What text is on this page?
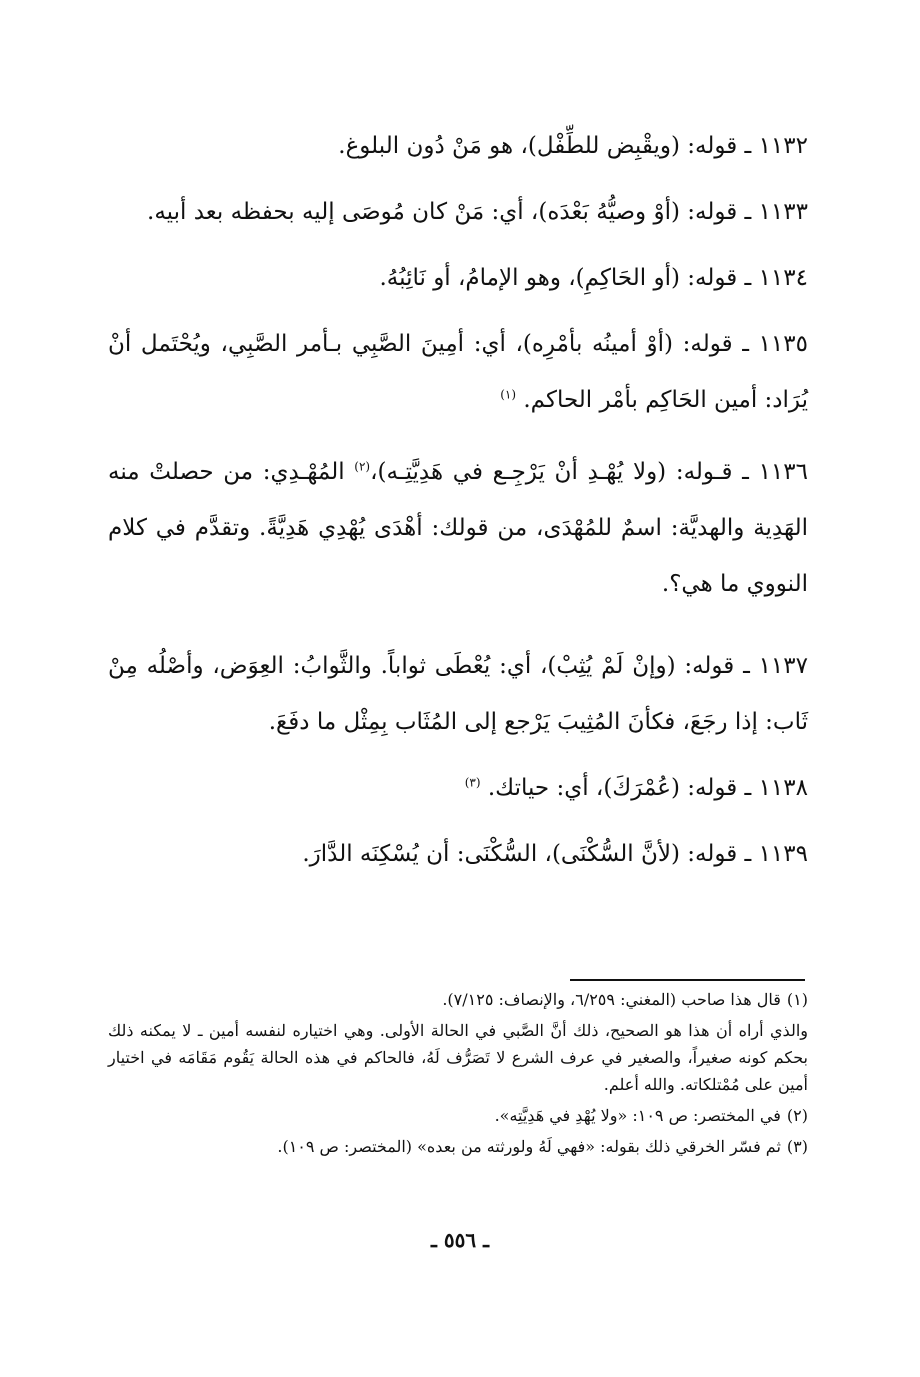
١١٣٢ ـ قوله: (ويقْبِض للطِّفْل)، هو مَنْ دُون البلوغ.

١١٣٣ ـ قوله: (أوْ وصيُّهُ بَعْدَه)، أي: مَنْ كان مُوصَى إليه بحفظه بعد أبيه.

١١٣٤ ـ قوله: (أو الحَاكِمِ)، وهو الإمامُ، أو نَائِبُهُ.

١١٣٥ ـ قوله: (أوْ أمينُه بأمْرِه)، أي: أمِينَ الصَّبِي بـأمر الصَّبِي، ويُحْتَمل أنْ يُرَاد: أمين الحَاكِم بأمْر الحاكم. $^{(١)}$

١١٣٦ ـ قـوله: (ولا يُهْـدِ أنْ يَرْجِـع في هَدِيَّتِـه)،$^{(٢)}$ المُهْـدِي: من حصلتْ منه الهَدِية والهديَّة: اسمٌ للمُهْدَى، من قولك: أهْدَى يُهْدِي هَدِيَّةً. وتقدَّم في كلام النووي ما هي؟.

١١٣٧ ـ قوله: (وإنْ لَمْ يُثِبْ)، أي: يُعْطَى ثواباً. والثَّوابُ: العِوَض، وأصْلُه مِنْ ثَاب: إذا رجَعَ، فكأنَ المُثِيبَ يَرْجع إلى المُثَاب بِمِثْل ما دفَعَ.

١١٣٨ ـ قوله: (عُمْرَكَ)، أي: حياتك. $^{(٣)}$

١١٣٩ ـ قوله: (لأنَّ السُّكْنَى)، السُّكْنَى: أن يُسْكِنَه الدَّارَ.

(١)قال هذا صاحب (المغني: ٦/٢٥٩، والإنصاف: ٧/١٢٥).

والذي أراه أن هذا هو الصحيح، ذلك أنَّ الصَّبي في الحالة الأولى. وهي اختياره لنفسه أمين ـ لا يمكنه ذلك بحكم كونه صغيراً، والصغير في عرف الشرع لا تَصَرُّف لَهُ، فالحاكم في هذه الحالة يَقُوم مَقَامَه في اختيار أمين على مُمْتلكاته. والله أعلم.

(٢)في المختصر: ص ١٠٩: «ولا يُهْدِ في هَدِيَّتِه».

(٣)ثم فسّر الخرقي ذلك بقوله: «فهي لَهُ ولورثته من بعده» (المختصر: ص ١٠٩).

ـ ٥٥٦ ـ
